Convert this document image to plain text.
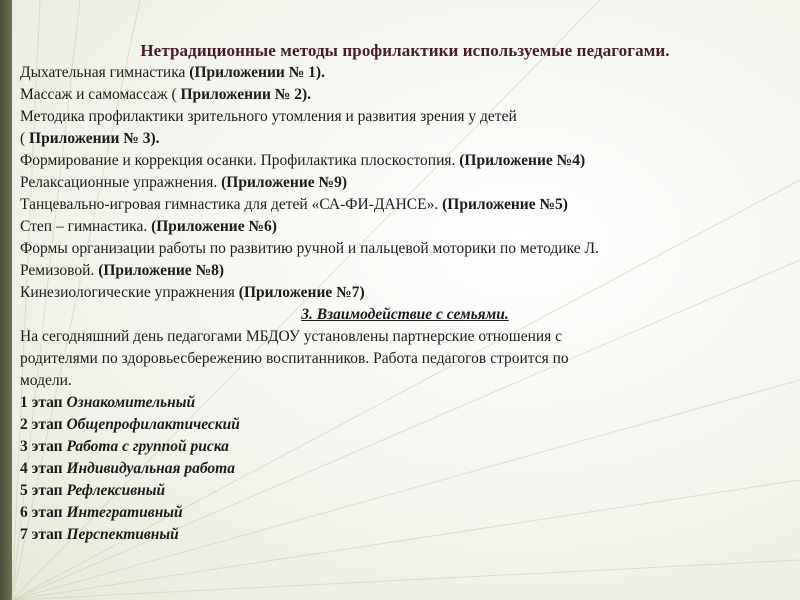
Нетрадиционные методы профилактики используемые педагогами.

Дыхательная гимнастика (Приложении № 1).

Массаж и самомассаж ( Приложении № 2).

Методика профилактики зрительного утомления и развития зрения у детей

( Приложении № 3).

Формирование и коррекция осанки. Профилактика плоскостопия. (Приложение №4)

Релаксационные упражнения. (Приложение №9)

Танцевально-игровая гимнастика для детей «СА-ФИ-ДАНСЕ». (Приложение №5)

Степ – гимнастика. (Приложение №6)

Формы организации работы по развитию ручной и пальцевой моторики по методике Л.

Ремизовой. (Приложение №8)

Кинезиологические упражнения (Приложение №7)

3. Взаимодействие с семьями.

На сегодняшний день педагогами МБДОУ установлены партнерские отношения с

родителями по здоровьесбережению воспитанников. Работа педагогов строится по

модели.

1 этап Ознакомительный

2 этап Общепрофилактический

3 этап Работа с группой риска

4 этап Индивидуальная работа

5 этап Рефлексивный

6 этап Интегративный

7 этап Перспективный
